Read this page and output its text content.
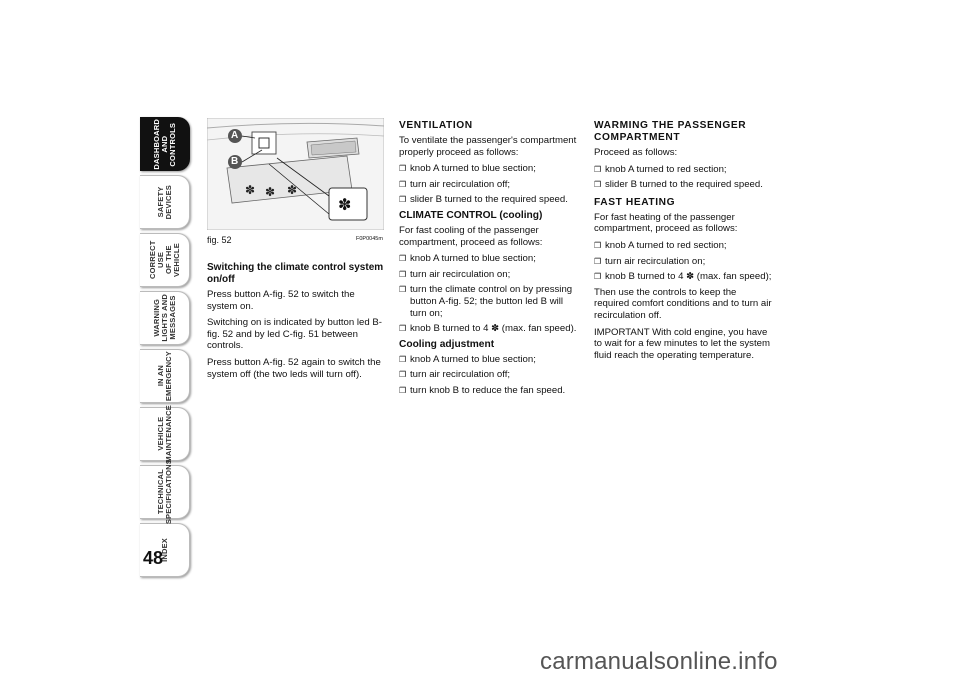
DASHBOARD
AND
CONTROLS
SAFETY
DEVICES
CORRECT USE
OF THE VEHICLE
WARNING
LIGHTS AND
MESSAGES
IN AN
EMERGENCY
VEHICLE
MAINTENANCE
TECHNICAL
SPECIFICATIONS
INDEX
48
✽ ✽ ✽
✽
A
B
fig. 52	F0P0045m
Switching the climate control system on/off

Press button A-fig. 52 to switch the system on.

Switching on is indicated by button led B-fig. 52 and by led C-fig. 51 between controls.

Press button A-fig. 52 again to switch the system off (the two leds will turn off).

VENTILATION

To ventilate the passenger's compartment properly proceed as follows:

❒ knob A turned to blue section;
❒ turn air recirculation off;
❒ slider B turned to the required speed.
CLIMATE CONTROL (cooling)

For fast cooling of the passenger compartment, proceed as follows:

❒ knob A turned to blue section;
❒ turn air recirculation on;
❒ turn the climate control on by pressing button A-fig. 52; the button led B will turn on;
❒ knob B turned to 4 ✽ (max. fan speed).
Cooling adjustment
❒ knob A turned to blue section;
❒ turn air recirculation off;
❒ turn knob B to reduce the fan speed.
WARMING THE PASSENGER COMPARTMENT

Proceed as follows:

❒ knob A turned to red section;
❒ slider B turned to the required speed.
FAST HEATING

For fast heating of the passenger compartment, proceed as follows:

❒ knob A turned to red section;
❒ turn air recirculation on;
❒ knob B turned to 4 ✽ (max. fan speed);

Then use the controls to keep the required comfort conditions and to turn air recirculation off.

IMPORTANT With cold engine, you have to wait for a few minutes to let the system fluid reach the operating temperature.

carmanualsonline.info
